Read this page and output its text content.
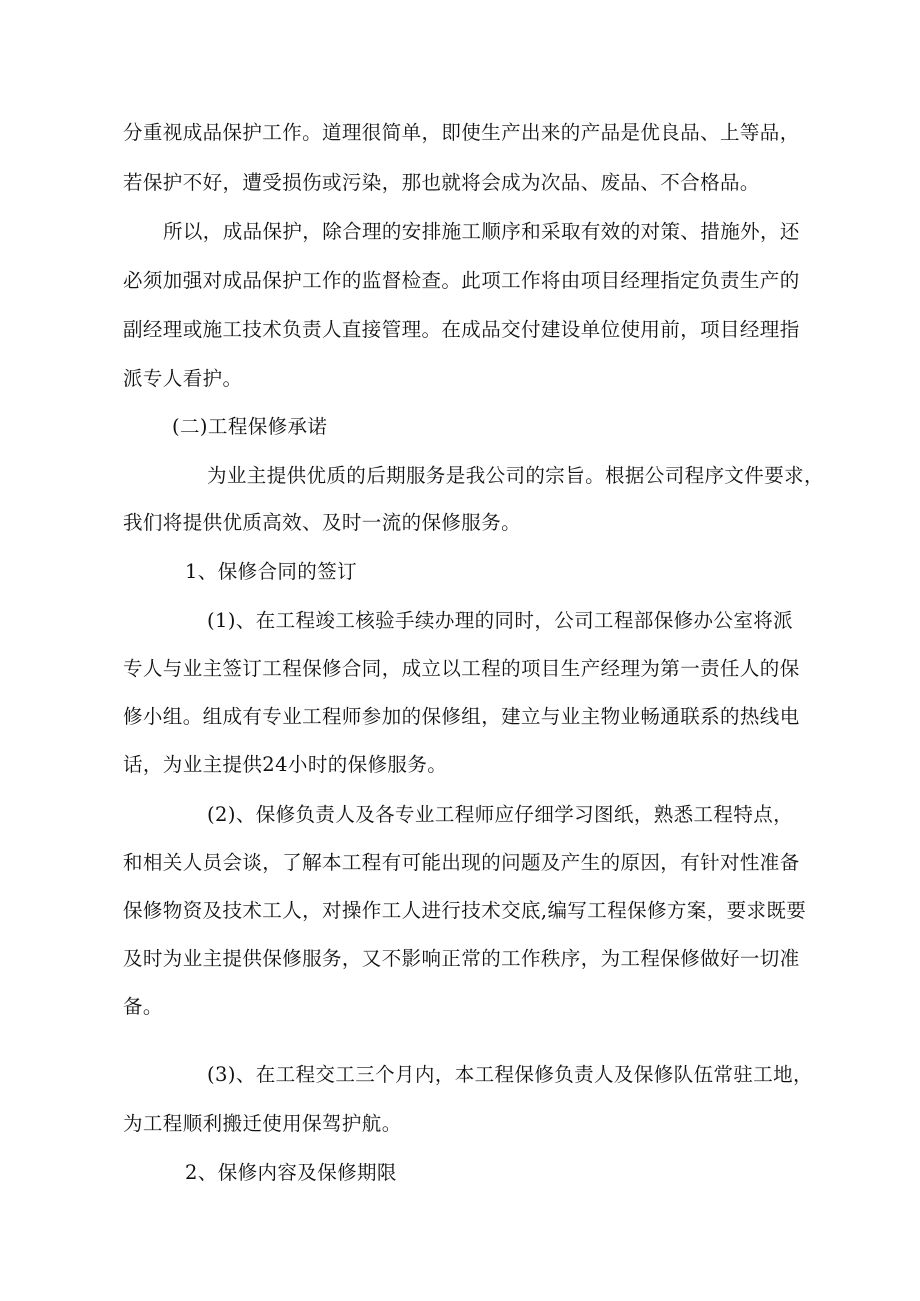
分重视成品保护工作。道理很简单，即使生产出来的产品是优良品、上等品，
若保护不好，遭受损伤或污染，那也就将会成为次品、废品、不合格品。
所以，成品保护，除合理的安排施工顺序和采取有效的对策、措施外，还
必须加强对成品保护工作的监督检查。此项工作将由项目经理指定负责生产的
副经理或施工技术负责人直接管理。在成品交付建设单位使用前，项目经理指
派专人看护。
(二)工程保修承诺
为业主提供优质的后期服务是我公司的宗旨。根据公司程序文件要求，
我们将提供优质高效、及时一流的保修服务。
1、保修合同的签订
(1)、在工程竣工核验手续办理的同时，公司工程部保修办公室将派
专人与业主签订工程保修合同，成立以工程的项目生产经理为第一责任人的保
修小组。组成有专业工程师参加的保修组，建立与业主物业畅通联系的热线电
话，为业主提供24小时的保修服务。
(2)、保修负责人及各专业工程师应仔细学习图纸，熟悉工程特点，
和相关人员会谈，了解本工程有可能出现的问题及产生的原因，有针对性准备
保修物资及技术工人，对操作工人进行技术交底,编写工程保修方案，要求既要
及时为业主提供保修服务，又不影响正常的工作秩序，为工程保修做好一切准
备。
(3)、在工程交工三个月内，本工程保修负责人及保修队伍常驻工地，
为工程顺利搬迁使用保驾护航。
2、保修内容及保修期限
